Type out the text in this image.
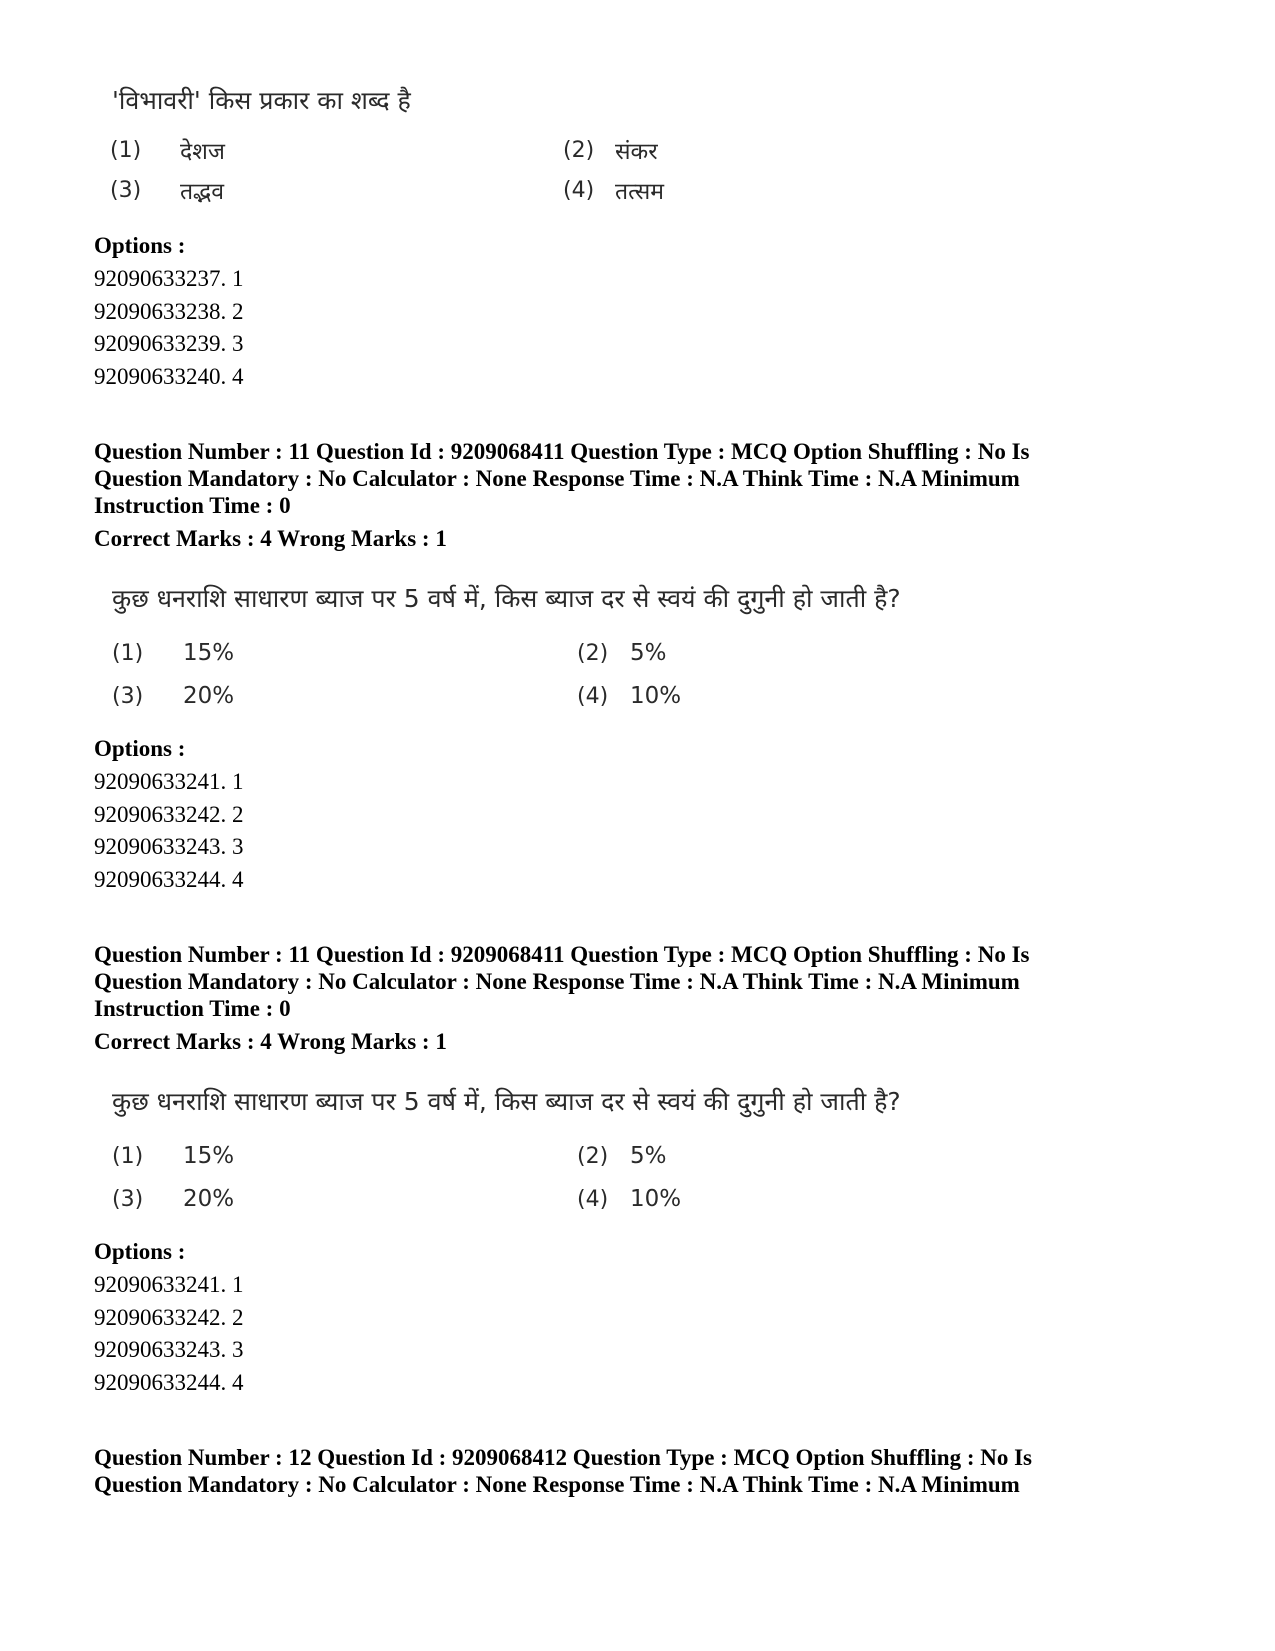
'विभावरी' किस प्रकार का शब्द है
(1) देशज	(2) संकर
(3) तद्भव	(4) तत्सम
Options :
92090633237. 1
92090633238. 2
92090633239. 3
92090633240. 4
Question Number : 11 Question Id : 9209068411 Question Type : MCQ Option Shuffling : No Is
Question Mandatory : No Calculator : None Response Time : N.A Think Time : N.A Minimum
Instruction Time : 0
Correct Marks : 4 Wrong Marks : 1
कुछ धनराशि साधारण ब्याज पर 5 वर्ष में, किस ब्याज दर से स्वयं की दुगुनी हो जाती है?
(1) 15%	(2) 5%
(3) 20%	(4) 10%
Options :
92090633241. 1
92090633242. 2
92090633243. 3
92090633244. 4
Question Number : 11 Question Id : 9209068411 Question Type : MCQ Option Shuffling : No Is
Question Mandatory : No Calculator : None Response Time : N.A Think Time : N.A Minimum
Instruction Time : 0
Correct Marks : 4 Wrong Marks : 1
कुछ धनराशि साधारण ब्याज पर 5 वर्ष में, किस ब्याज दर से स्वयं की दुगुनी हो जाती है?
(1) 15%	(2) 5%
(3) 20%	(4) 10%
Options :
92090633241. 1
92090633242. 2
92090633243. 3
92090633244. 4
Question Number : 12 Question Id : 9209068412 Question Type : MCQ Option Shuffling : No Is
Question Mandatory : No Calculator : None Response Time : N.A Think Time : N.A Minimum
